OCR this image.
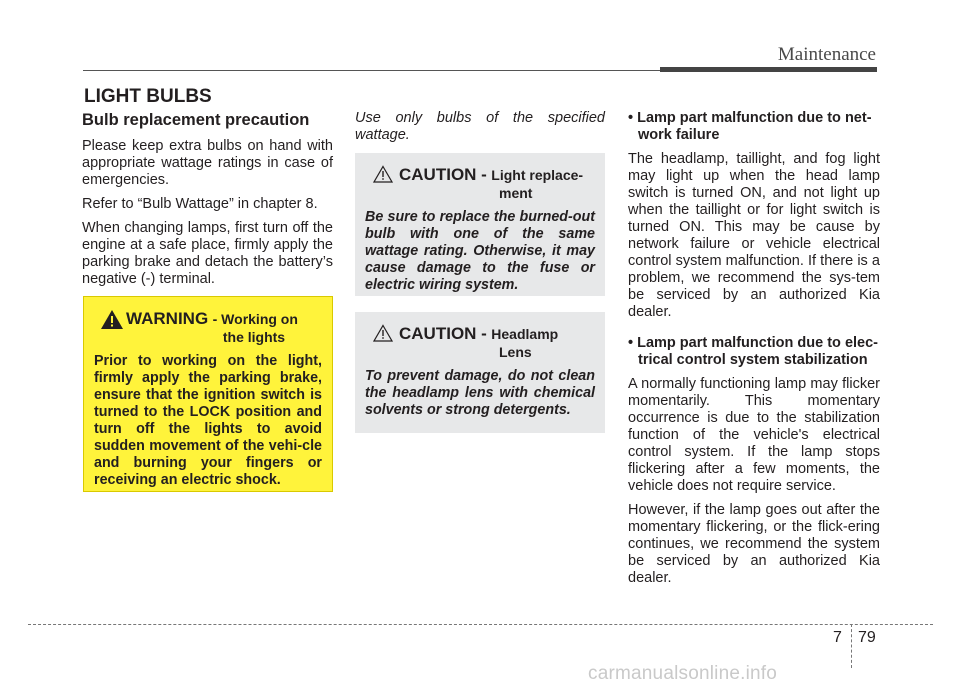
Maintenance
LIGHT BULBS
Bulb replacement precaution

Please keep extra bulbs on hand with appropriate wattage ratings in case of emergencies.

Refer to “Bulb Wattage” in chapter 8.

When changing lamps, first turn off the engine at a safe place, firmly apply the parking brake and detach the battery’s negative (-) terminal.

WARNING - Working on
the lights

Prior to working on the light, firmly apply the parking brake, ensure that the ignition switch is turned to the LOCK position and turn off the lights to avoid sudden movement of the vehi-cle and burning your fingers or receiving an electric shock.

Use only bulbs of the specified wattage.

CAUTION - Light replace-
ment

Be sure to replace the burned-out bulb with one of the same wattage rating. Otherwise, it may cause damage to the fuse or electric wiring system.

CAUTION - Headlamp
Lens

To prevent damage, do not clean the headlamp lens with chemical solvents or strong detergents.

• Lamp part malfunction due to net-work failure

The headlamp, taillight, and fog light may light up when the head lamp switch is turned ON, and not light up when the taillight or for light switch is turned ON. This may be cause by network failure or vehicle electrical control system malfunction. If there is a problem, we recommend the sys-tem be serviced by an authorized Kia dealer.

• Lamp part malfunction due to elec-trical control system stabilization

A normally functioning lamp may flicker momentarily. This momentary occurrence is due to the stabilization function of the vehicle's electrical control system. If the lamp stops flickering after a few moments, the vehicle does not require service.

However, if the lamp goes out after the momentary flickering, or the flick-ering continues, we recommend the system be serviced by an authorized Kia dealer.

7 79
carmanualsonline.info
